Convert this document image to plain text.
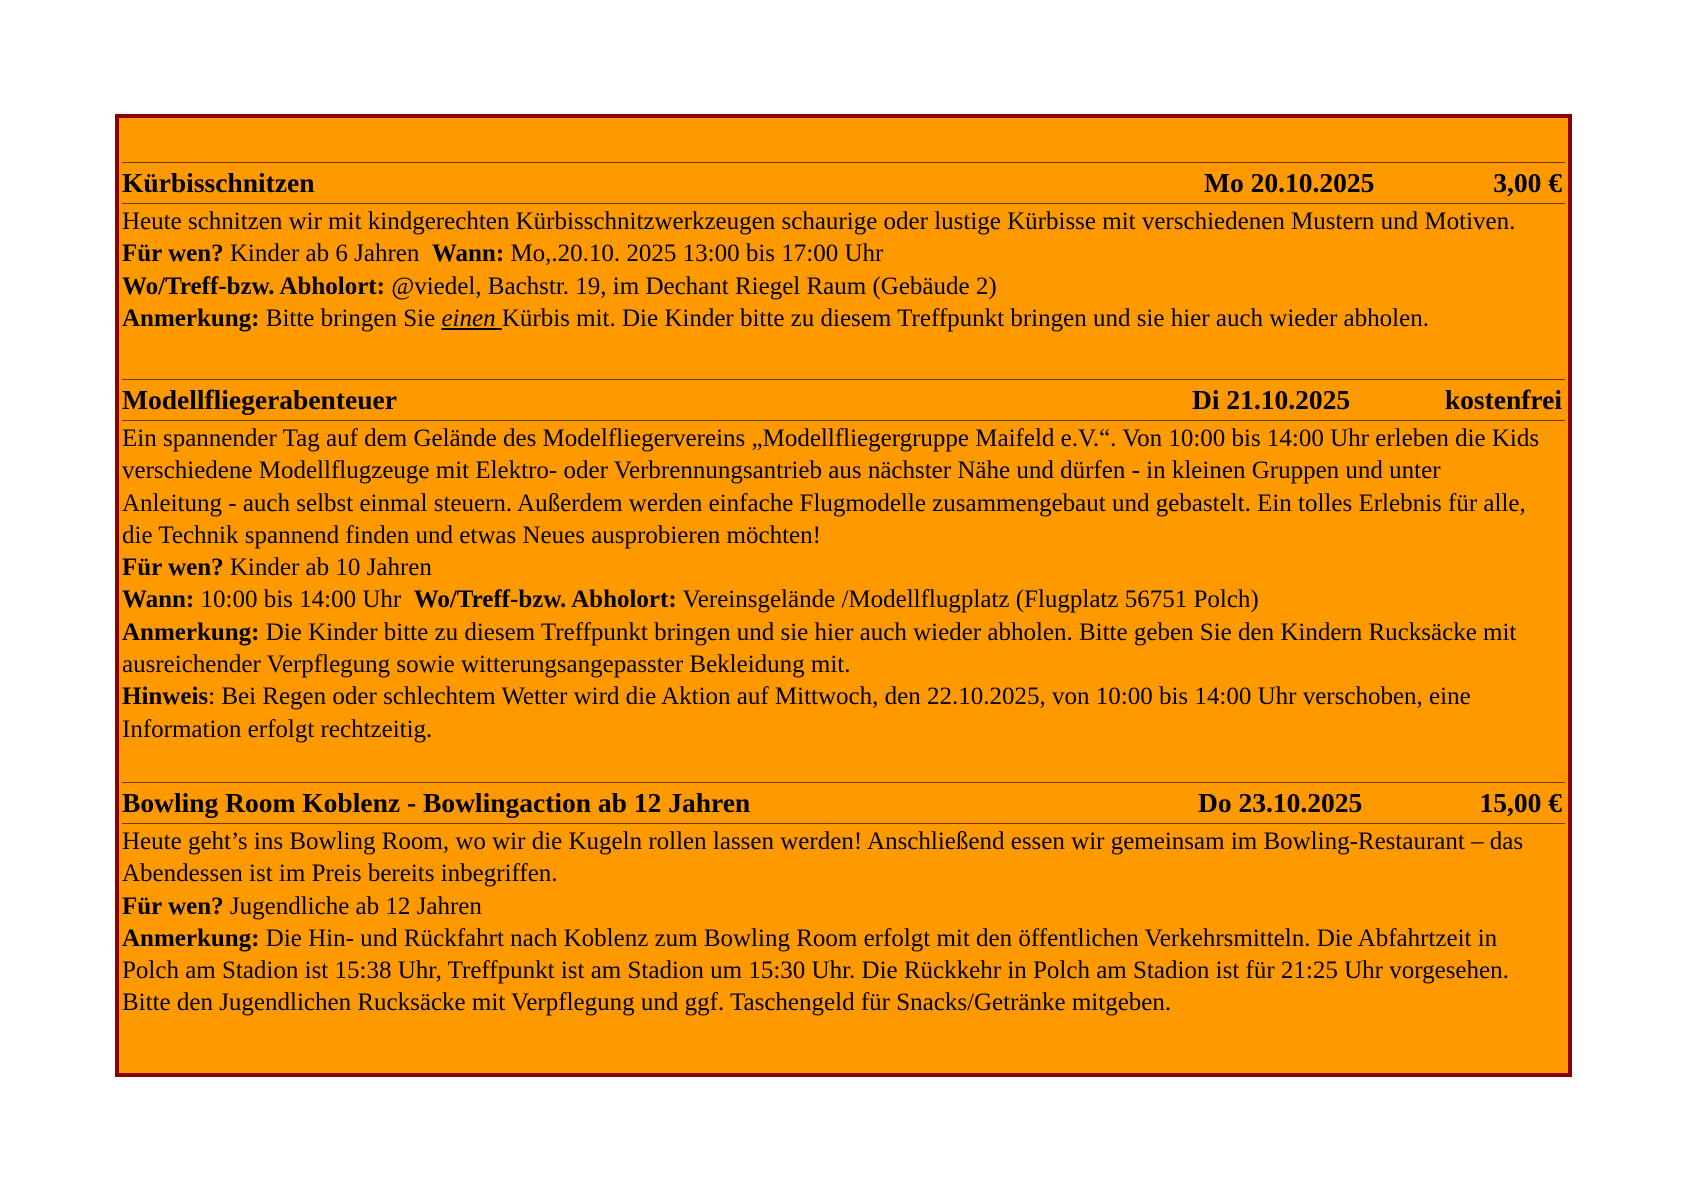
Kürbisschnitzen	Mo 20.10.2025	3,00 €

Heute schnitzen wir mit kindgerechten Kürbisschnitzwerkzeugen schaurige oder lustige Kürbisse mit verschiedenen Mustern und Motiven. Für wen? Kinder ab 6 Jahren Wann: Mo,.20.10. 2025 13:00 bis 17:00 Uhr

Wo/Treff-bzw. Abholort: @viedel, Bachstr. 19, im Dechant Riegel Raum (Gebäude 2)

Anmerkung: Bitte bringen Sie einen Kürbis mit. Die Kinder bitte zu diesem Treffpunkt bringen und sie hier auch wieder abholen.

Modellfliegerabenteuer	Di 21.10.2025	kostenfrei

Ein spannender Tag auf dem Gelände des Modelfliegervereins „Modellfliegergruppe Maifeld e.V.“. Von 10:00 bis 14:00 Uhr erleben die Kids verschiedene Modellflugzeuge mit Elektro- oder Verbrennungsantrieb aus nächster Nähe und dürfen - in kleinen Gruppen und unter Anleitung - auch selbst einmal steuern. Außerdem werden einfache Flugmodelle zusammengebaut und gebastelt. Ein tolles Erlebnis für alle, die Technik spannend finden und etwas Neues ausprobieren möchten!

Für wen? Kinder ab 10 Jahren

Wann: 10:00 bis 14:00 Uhr Wo/Treff-bzw. Abholort: Vereinsgelände /Modellflugplatz (Flugplatz 56751 Polch)

Anmerkung: Die Kinder bitte zu diesem Treffpunkt bringen und sie hier auch wieder abholen. Bitte geben Sie den Kindern Rucksäcke mit ausreichender Verpflegung sowie witterungsangepasster Bekleidung mit.

Hinweis: Bei Regen oder schlechtem Wetter wird die Aktion auf Mittwoch, den 22.10.2025, von 10:00 bis 14:00 Uhr verschoben, eine Information erfolgt rechtzeitig.

Bowling Room Koblenz - Bowlingaction ab 12 Jahren	Do 23.10.2025	15,00 €

Heute geht’s ins Bowling Room, wo wir die Kugeln rollen lassen werden! Anschließend essen wir gemeinsam im Bowling-Restaurant – das Abendessen ist im Preis bereits inbegriffen.

Für wen? Jugendliche ab 12 Jahren

Anmerkung: Die Hin- und Rückfahrt nach Koblenz zum Bowling Room erfolgt mit den öffentlichen Verkehrsmitteln. Die Abfahrtzeit in Polch am Stadion ist 15:38 Uhr, Treffpunkt ist am Stadion um 15:30 Uhr. Die Rückkehr in Polch am Stadion ist für 21:25 Uhr vorgesehen. Bitte den Jugendlichen Rucksäcke mit Verpflegung und ggf. Taschengeld für Snacks/Getränke mitgeben.
